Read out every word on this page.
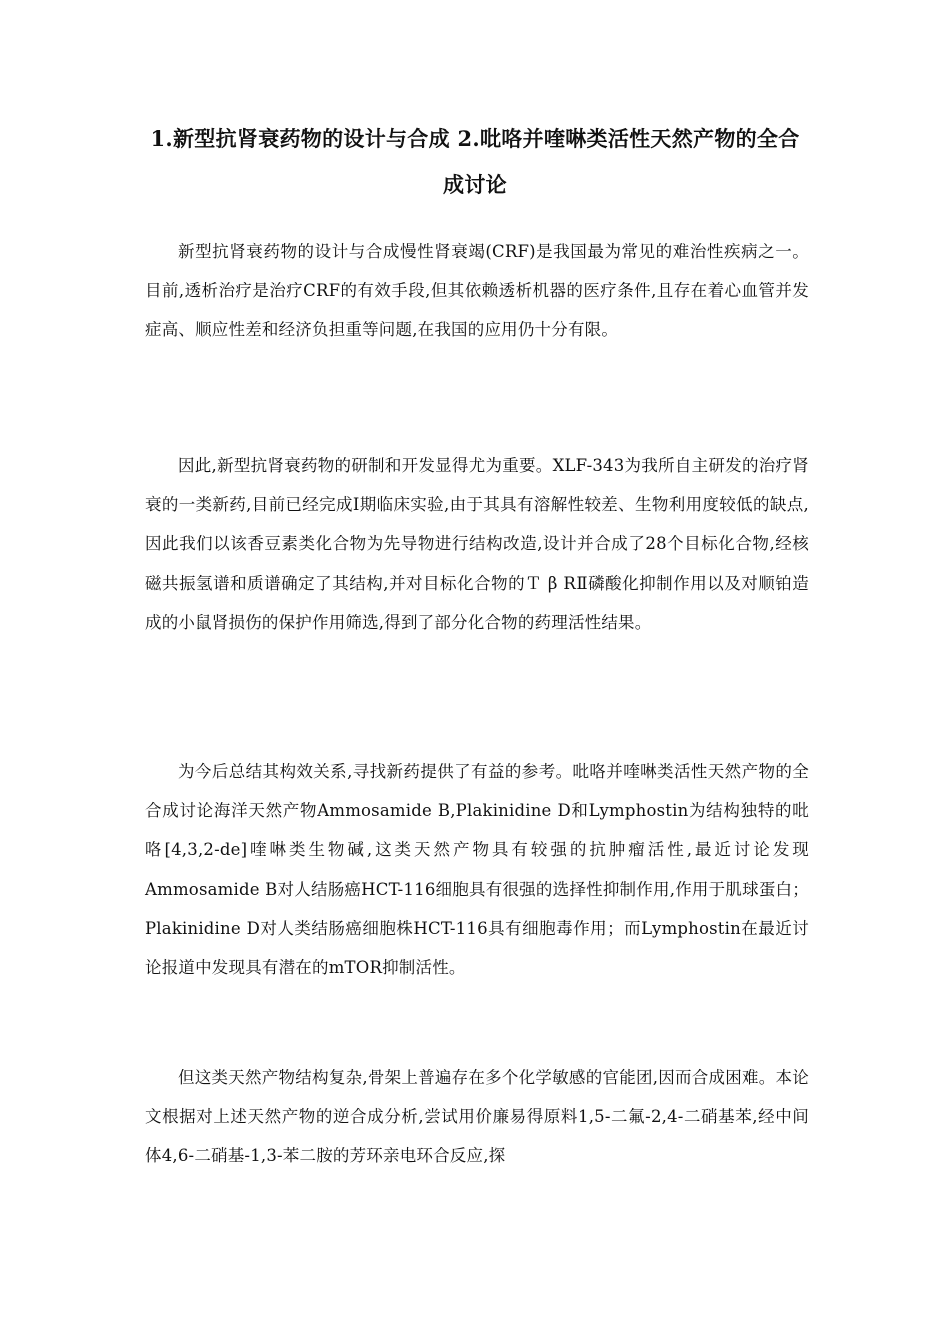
1.新型抗肾衰药物的设计与合成 2.吡咯并喹啉类活性天然产物的全合成讨论

新型抗肾衰药物的设计与合成慢性肾衰竭(CRF)是我国最为常见的难治性疾病之一。目前,透析治疗是治疗CRF的有效手段,但其依赖透析机器的医疗条件,且存在着心血管并发症高、顺应性差和经济负担重等问题,在我国的应用仍十分有限。

因此,新型抗肾衰药物的研制和开发显得尤为重要。XLF-343为我所自主研发的治疗肾衰的一类新药,目前已经完成Ⅰ期临床实验,由于其具有溶解性较差、生物利用度较低的缺点,因此我们以该香豆素类化合物为先导物进行结构改造,设计并合成了28个目标化合物,经核磁共振氢谱和质谱确定了其结构,并对目标化合物的Ｔ β RⅡ磷酸化抑制作用以及对顺铂造成的小鼠肾损伤的保护作用筛选,得到了部分化合物的药理活性结果。

为今后总结其构效关系,寻找新药提供了有益的参考。吡咯并喹啉类活性天然产物的全合成讨论海洋天然产物Ammosamide B,Plakinidine D和Lymphostin为结构独特的吡咯[4,3,2-de]喹啉类生物碱,这类天然产物具有较强的抗肿瘤活性,最近讨论发现Ammosamide B对人结肠癌HCT-116细胞具有很强的选择性抑制作用,作用于肌球蛋白；Plakinidine D对人类结肠癌细胞株HCT-116具有细胞毒作用；而Lymphostin在最近讨论报道中发现具有潜在的mTOR抑制活性。

但这类天然产物结构复杂,骨架上普遍存在多个化学敏感的官能团,因而合成困难。本论文根据对上述天然产物的逆合成分析,尝试用价廉易得原料1,5-二氟-2,4-二硝基苯,经中间体4,6-二硝基-1,3-苯二胺的芳环亲电环合反应,探
